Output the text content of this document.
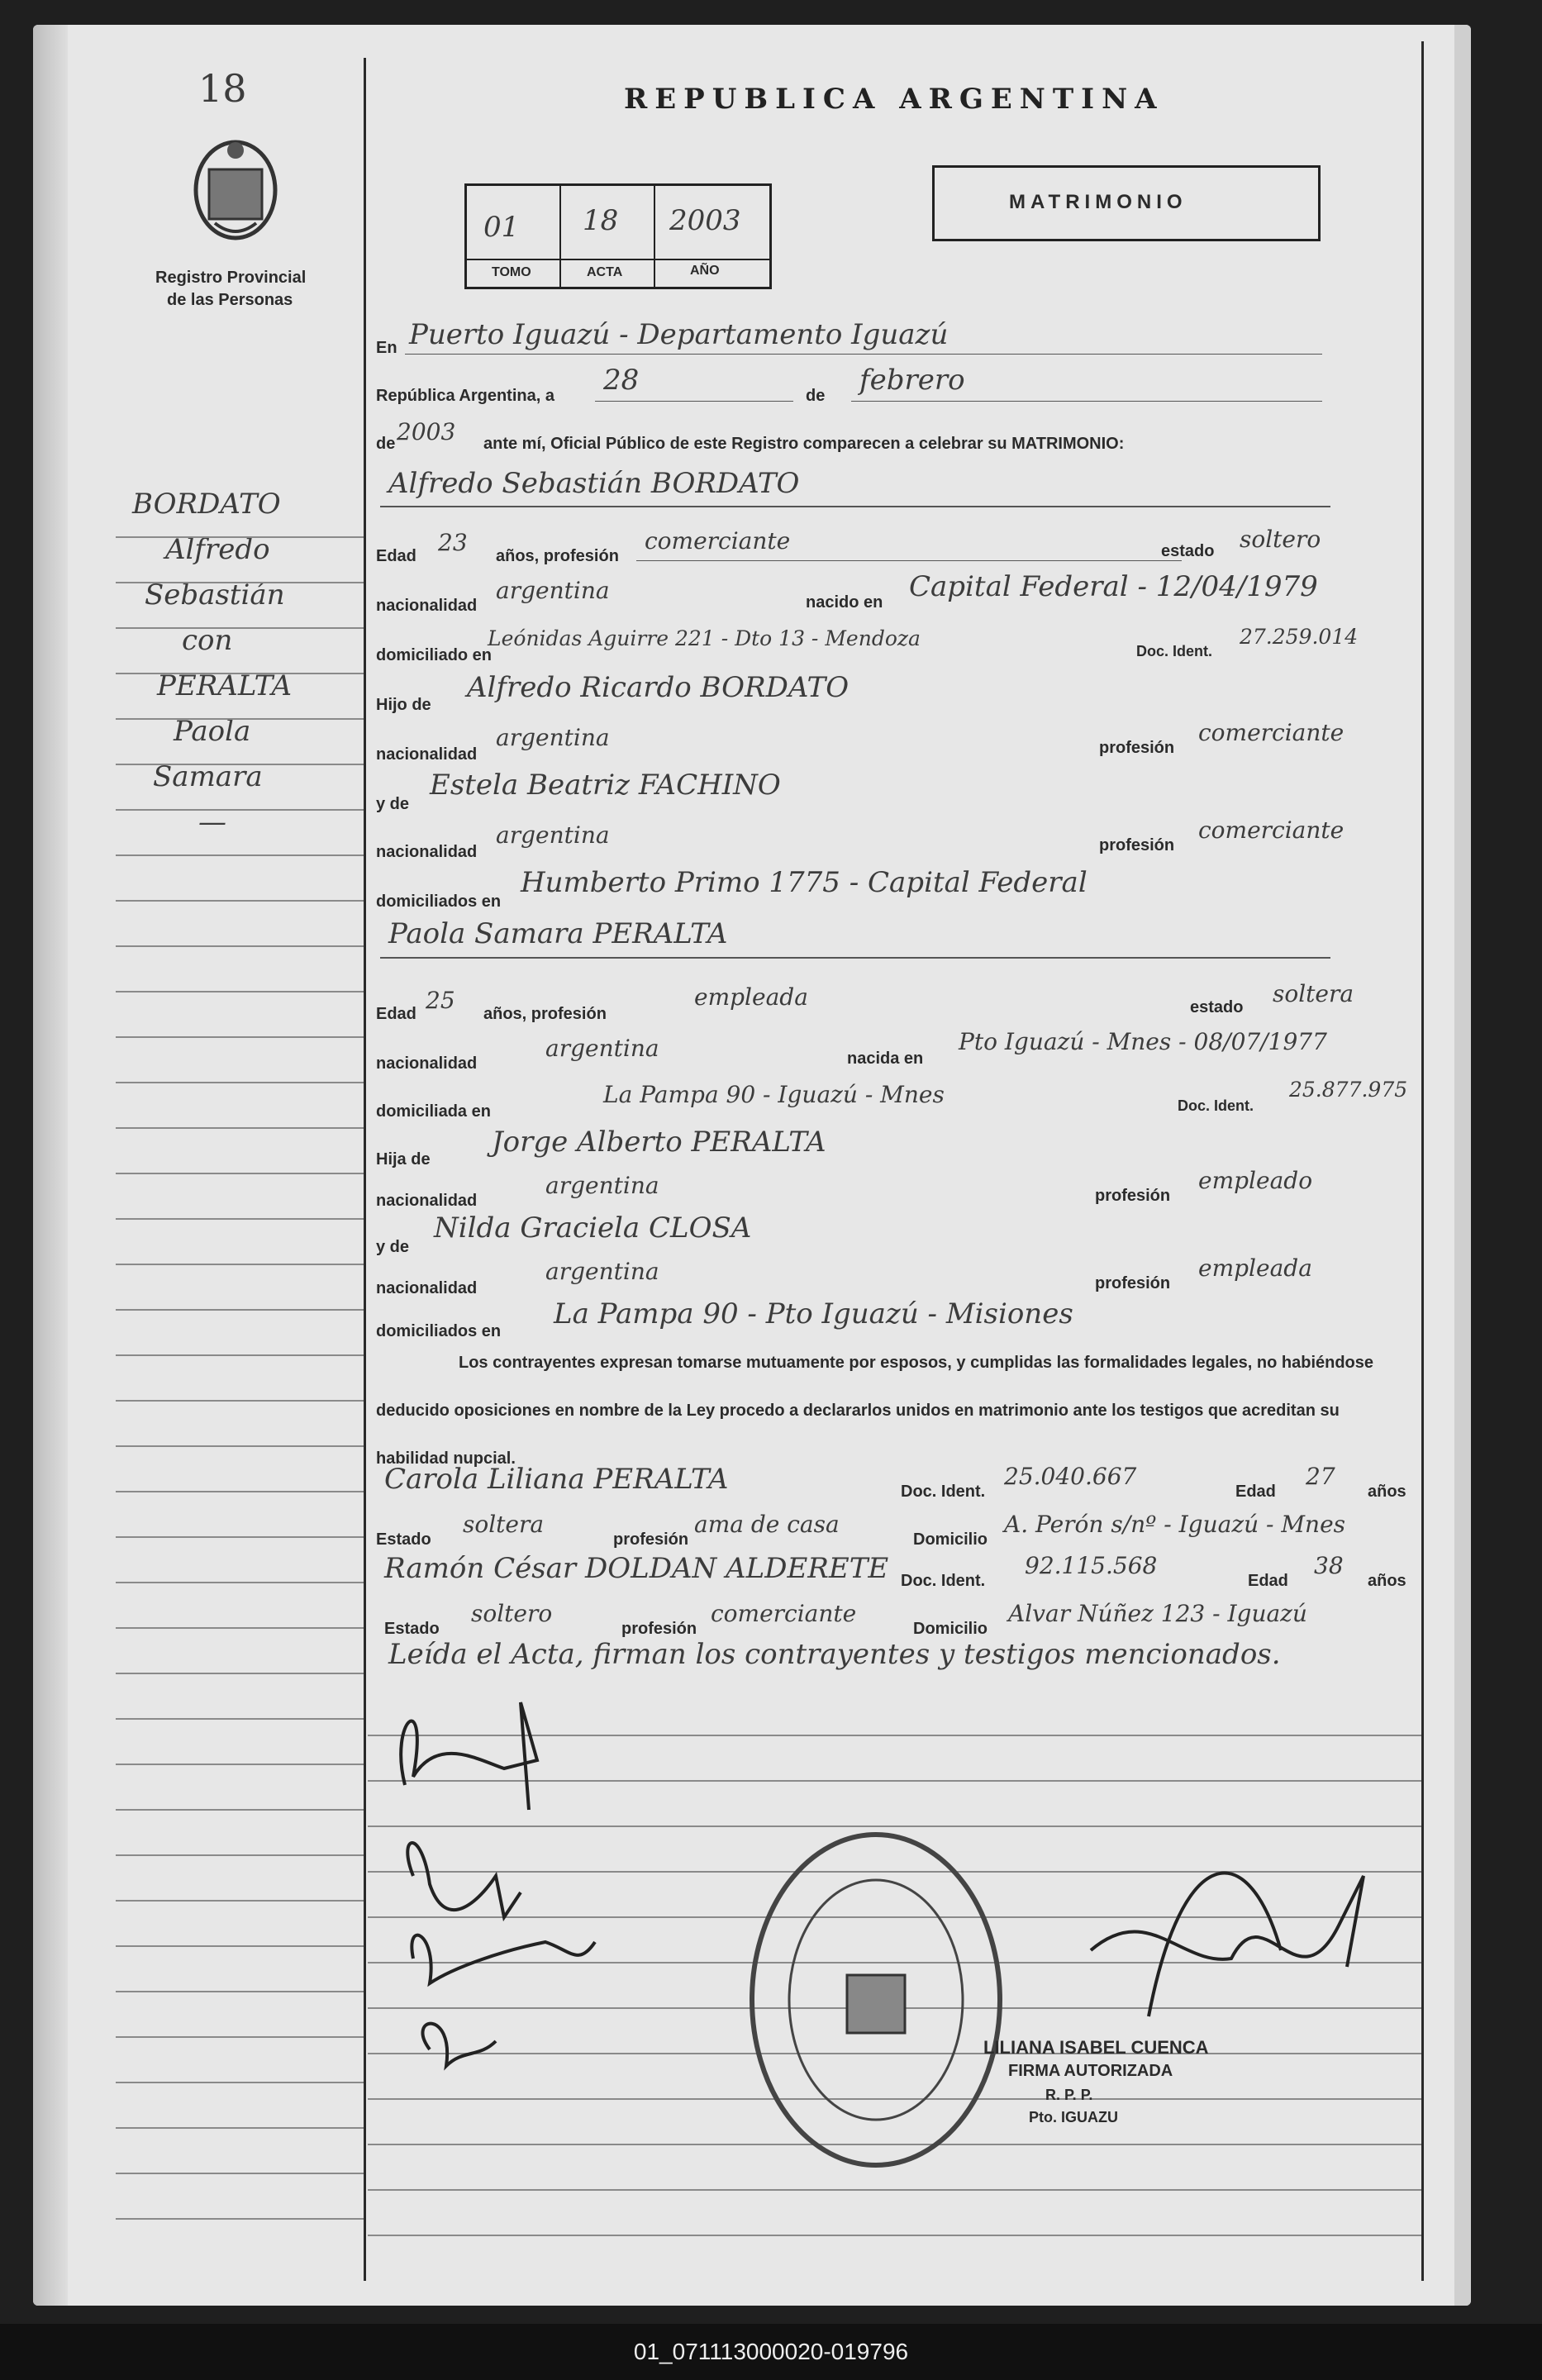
18
Registro Provincial
de las Personas
REPUBLICA ARGENTINA
01 18 2003
TOMO	ACTA	AÑO
MATRIMONIO
BORDATO
Alfredo
Sebastián
con
PERALTA
Paola
Samara
—
En Puerto Iguazú - Departamento Iguazú
República Argentina, a 28	de febrero
de 2003 ante mí, Oficial Público de este Registro comparecen a celebrar su MATRIMONIO:
Alfredo Sebastián BORDATO
Edad 23 años, profesión
comerciante	estado soltero
nacionalidad
argentina	nacido en Capital Federal - 12/04/1979
domiciliado en
Leónidas Aguirre 221 - Dto 13 - Mendoza
Doc. Ident.
27.259.014
Hijo de
Alfredo Ricardo BORDATO
nacionalidad
argentina	profesión
comerciante
y de
Estela Beatriz FACHINO
nacionalidad
argentina	profesión
comerciante
domiciliados en
Humberto Primo 1775 - Capital Federal
Paola Samara PERALTA
Edad 25 años, profesión
empleada	estado soltera
nacionalidad
argentina	nacida en
Pto Iguazú - Mnes - 08/07/1977
domiciliada en
La Pampa 90 - Iguazú - Mnes	Doc. Ident.
25.877.975
Hija de
Jorge Alberto PERALTA
nacionalidad
argentina	profesión
empleado
y de
Nilda Graciela CLOSA
nacionalidad
argentina	profesión
empleada
domiciliados en
La Pampa 90 - Pto Iguazú - Misiones
Los contrayentes expresan tomarse mutuamente por esposos, y cumplidas las formalidades legales, no habiéndose deducido oposiciones en nombre de la Ley procedo a declararlos unidos en matrimonio ante los testigos que acreditan su habilidad nupcial.
Carola Liliana PERALTA	Doc. Ident.
25.040.667
Edad
27
años
Estado
soltera
profesión
ama de casa
Domicilio
A. Perón s/nº - Iguazú - Mnes
Ramón César DOLDAN ALDERETE Doc. Ident.
92.115.568
Edad
38
años
Estado
soltero
profesión
comerciante
Domicilio
Alvar Núñez 123 - Iguazú
Leída el Acta, firman los contrayentes y testigos mencionados.
LILIANA ISABEL CUENCA
FIRMA AUTORIZADA
R. P. P.
Pto. IGUAZU
01_071113000020-019796
